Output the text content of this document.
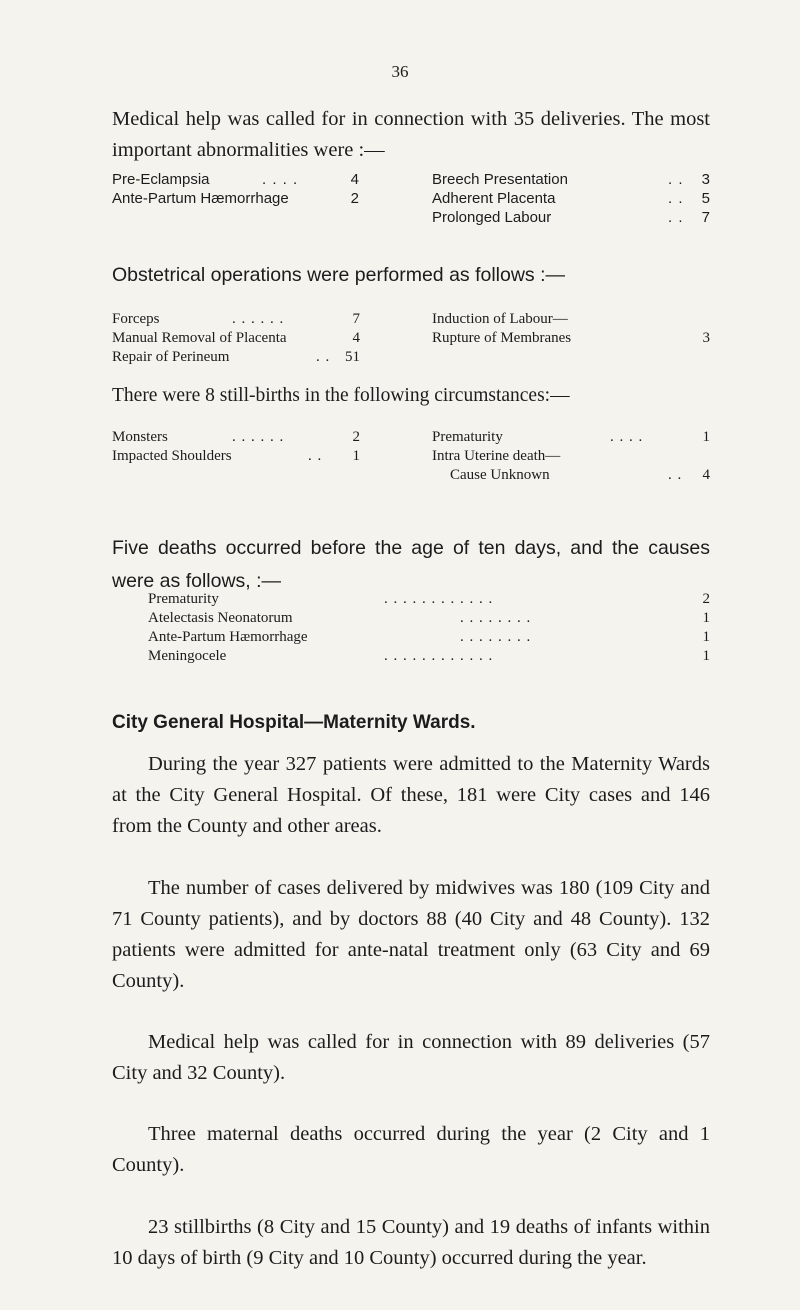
36
Medical help was called for in connection with 35 deliveries. The most important abnormalities were :—
Pre-Eclampsia	. . . .	4
Ante-Partum Hæmorrhage	2
Breech Presentation	. . 3
Adherent Placenta	. . 5
Prolonged Labour	. . 7
Obstetrical operations were performed as follows :—
Forceps	. . . . . .	7
Manual Removal of Placenta	4
Repair of Perineum	. . 51
Induction of Labour—
Rupture of Membranes	3
There were 8 still-births in the following circumstances:—
Monsters	. . . . . .	2
Impacted Shoulders	. . 1
Prematurity	. . . .	1
Intra Uterine death—
Cause Unknown	. . 4
Five deaths occurred before the age of ten days, and the causes were as follows, :—
Prematurity	. . . . . . . . . . . .	2
Atelectasis Neonatorum	. . . . . . . .	1
Ante-Partum Hæmorrhage	. . . . . . . .	1
Meningocele	. . . . . . . . . . . .	1
City General Hospital—Maternity Wards.
During the year 327 patients were admitted to the Maternity Wards at the City General Hospital. Of these, 181 were City cases and 146 from the County and other areas.
The number of cases delivered by midwives was 180 (109 City and 71 County patients), and by doctors 88 (40 City and 48 County). 132 patients were admitted for ante-natal treatment only (63 City and 69 County).
Medical help was called for in connection with 89 deliveries (57 City and 32 County).
Three maternal deaths occurred during the year (2 City and 1 County).
23 stillbirths (8 City and 15 County) and 19 deaths of infants within 10 days of birth (9 City and 10 County) occurred during the year.
